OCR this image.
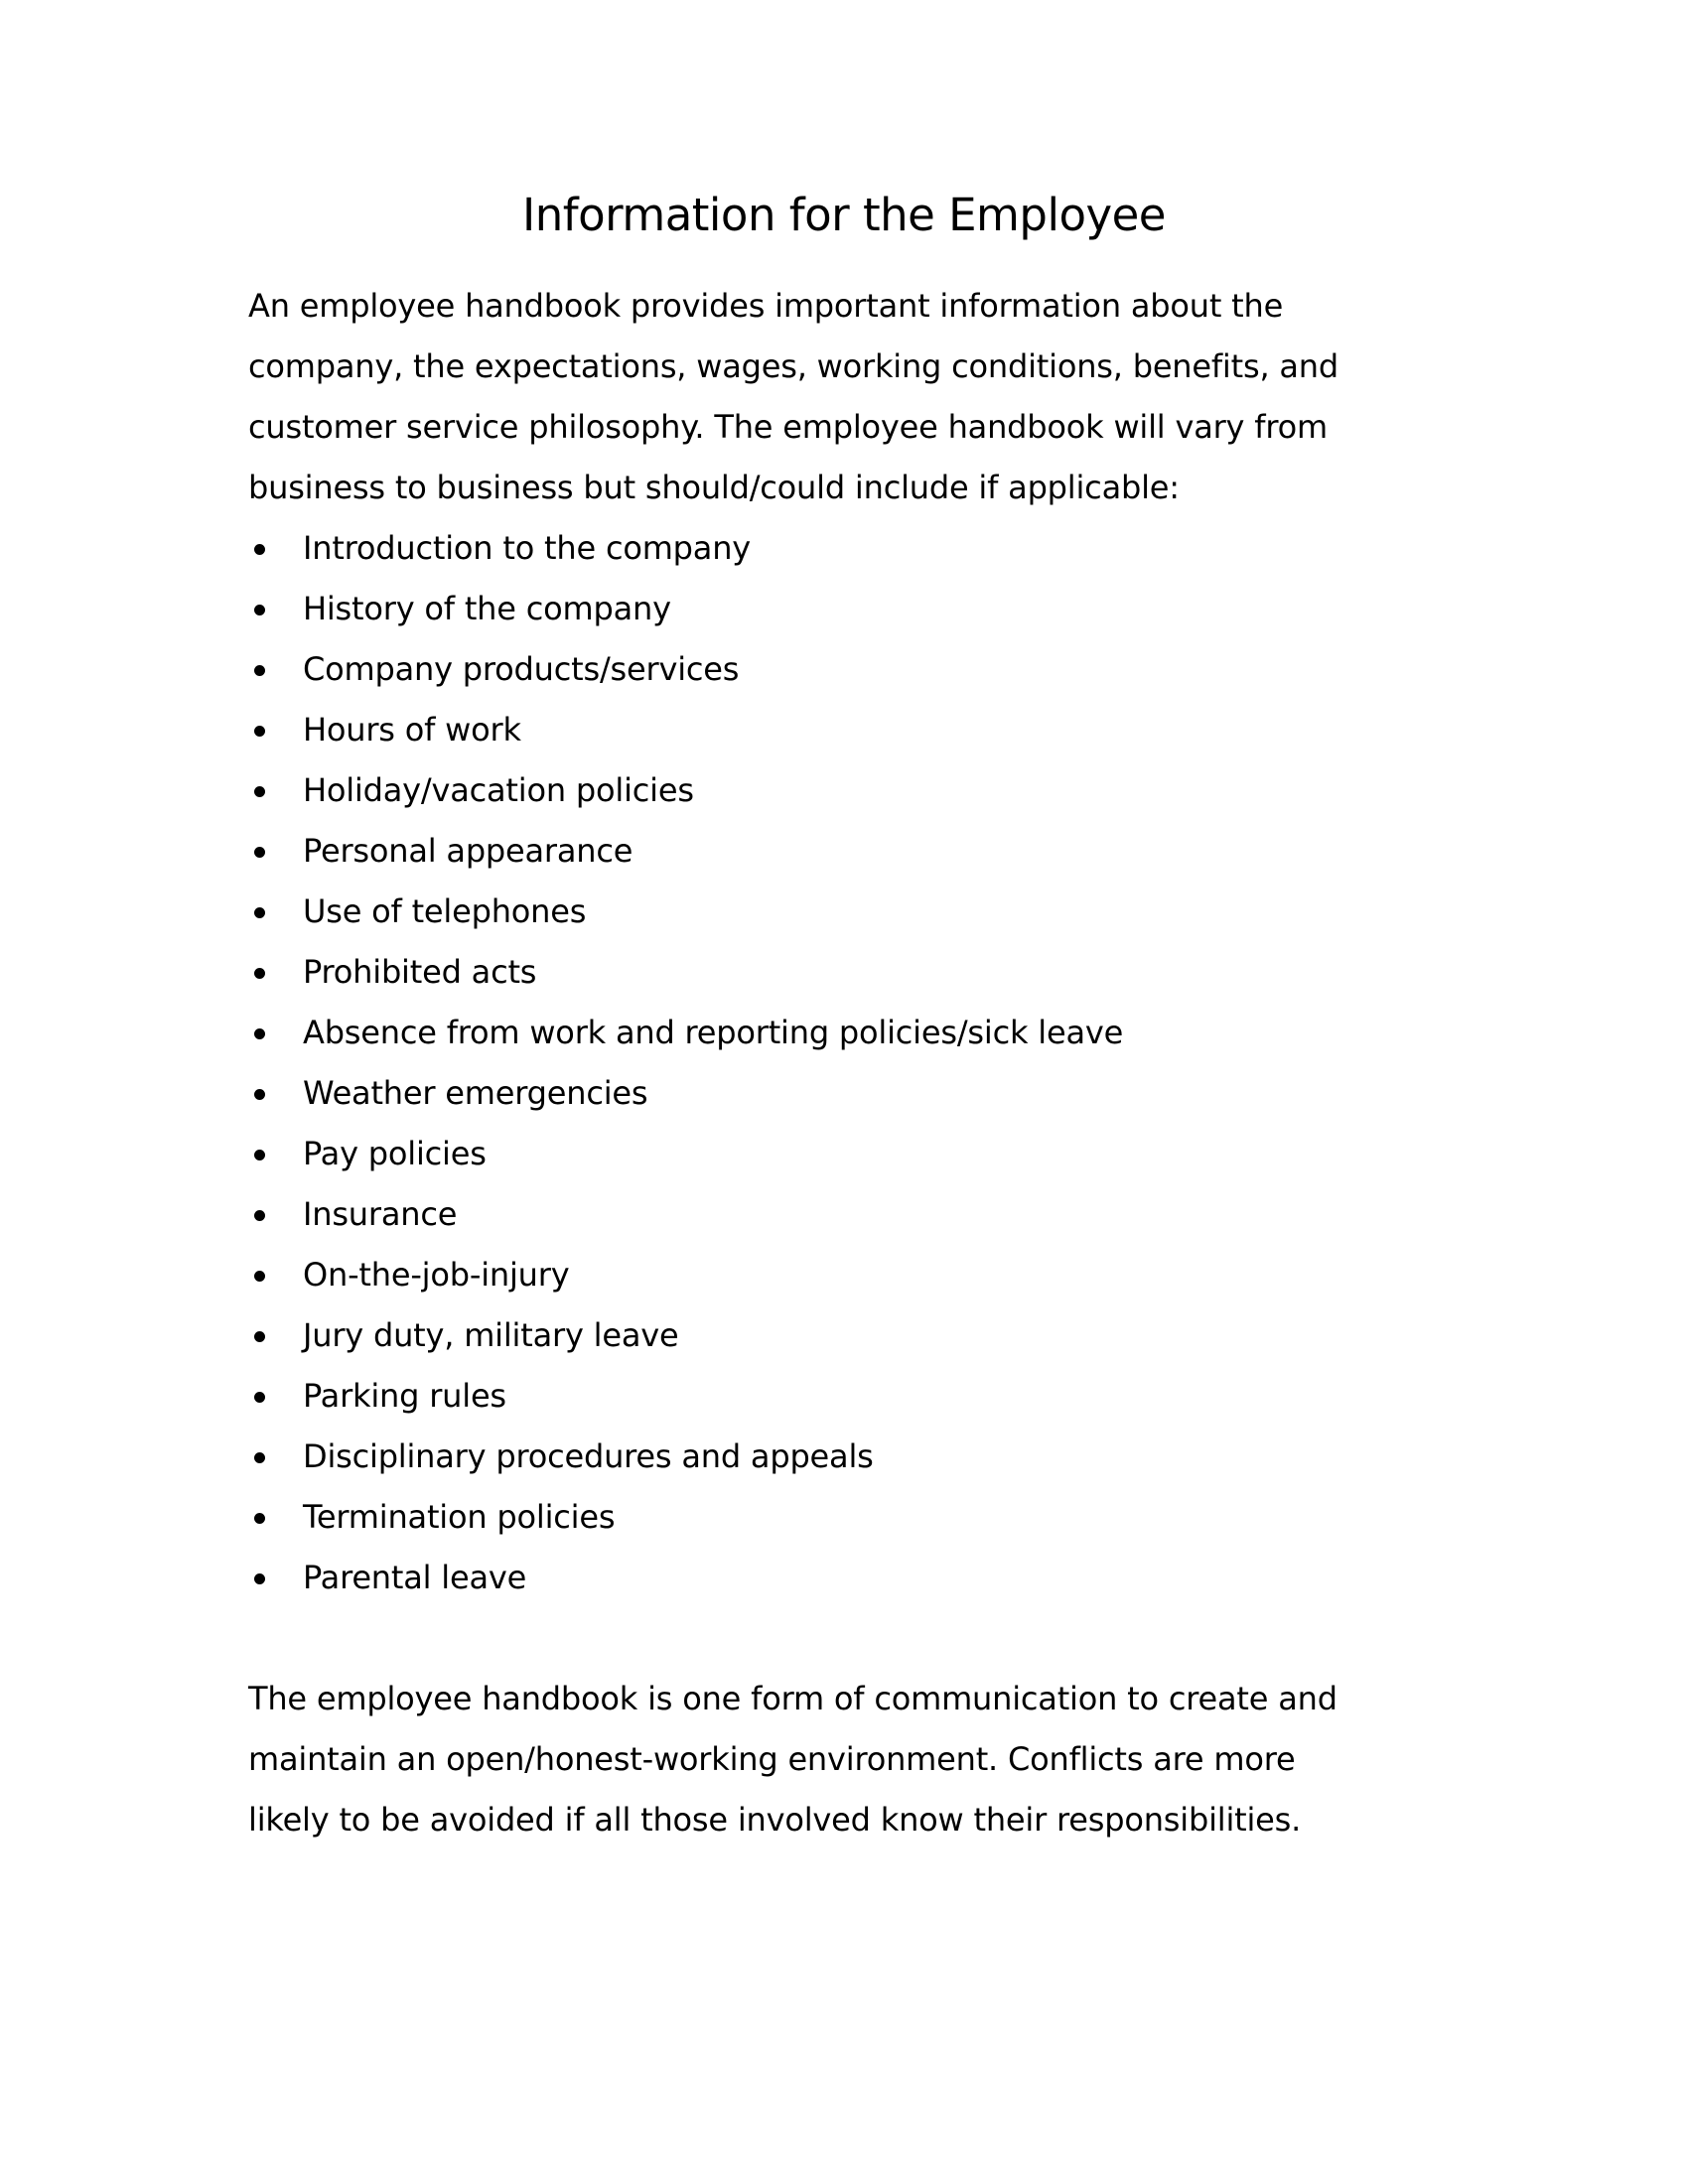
Information for the Employee
An employee handbook provides important information about the
company, the expectations, wages, working conditions, benefits, and
customer service philosophy. The employee handbook will vary from
business to business but should/could include if applicable:
Introduction to the company
History of the company
Company products/services
Hours of work
Holiday/vacation policies
Personal appearance
Use of telephones
Prohibited acts
Absence from work and reporting policies/sick leave
Weather emergencies
Pay policies
Insurance
On-the-job-injury
Jury duty, military leave
Parking rules
Disciplinary procedures and appeals
Termination policies
Parental leave
The employee handbook is one form of communication to create and
maintain an open/honest-working environment. Conflicts are more
likely to be avoided if all those involved know their responsibilities.
